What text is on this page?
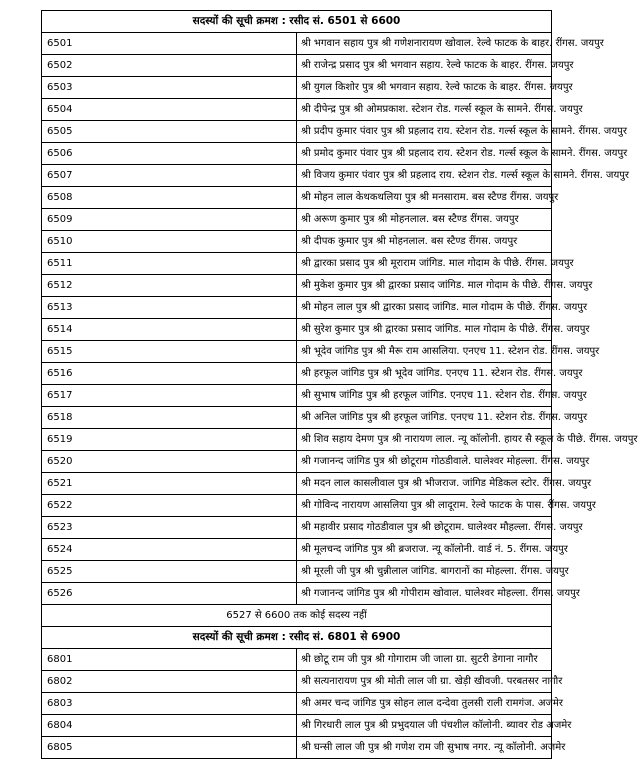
सदस्यों की सूची क्रमश : रसीद सं. 6501 से 6600	
6501	श्री भगवान सहाय पुत्र श्री गणेशनारायण खोवाल. रेल्वे फाटक के बाहर. रींगस. जयपुर
6502	श्री राजेन्द्र प्रसाद पुत्र श्री भगवान सहाय. रेल्वे फाटक के बाहर. रींगस. जयपुर
6503	श्री युगल किशोर पुत्र श्री भगवान सहाय. रेल्वे फाटक के बाहर. रींगस. जयपुर
6504	श्री दीपेन्द्र पुत्र श्री ओमप्रकाश. स्टेशन रोड. गर्ल्स स्कूल के सामने. रींगस. जयपुर
6505	श्री प्रदीप कुमार पंवार पुत्र श्री प्रहलाद राय. स्टेशन रोड. गर्ल्स स्कूल के सामने. रींगस. जयपुर
6506	श्री प्रमोद कुमार पंवार पुत्र श्री प्रहलाद राय. स्टेशन रोड. गर्ल्स स्कूल के सामने. रींगस. जयपुर
6507	श्री विजय कुमार पंवार पुत्र श्री प्रहलाद राय. स्टेशन रोड. गर्ल्स स्कूल के सामने. रींगस. जयपुर
6508	श्री मोहन लाल केथकथलिया पुत्र श्री मनसाराम. बस स्टैण्ड रींगस. जयपुर
6509	श्री अरूण कुमार पुत्र श्री मोहनलाल. बस स्टैण्ड रींगस. जयपुर
6510	श्री दीपक कुमार पुत्र श्री मोहनलाल. बस स्टैण्ड रींगस. जयपुर
6511	श्री द्वारका प्रसाद पुत्र श्री मूराराम जांगिड. माल गोदाम के पीछे. रींगस. जयपुर
6512	श्री मुकेश कुमार पुत्र श्री द्वारका प्रसाद जांगिड. माल गोदाम के पीछे. रींगस. जयपुर
6513	श्री मोहन लाल पुत्र श्री द्वारका प्रसाद जांगिड. माल गोदाम के पीछे. रींगस. जयपुर
6514	श्री सुरेश कुमार पुत्र श्री द्वारका प्रसाद जांगिड. माल गोदाम के पीछे. रींगस. जयपुर
6515	श्री भूदेव जांगिड पुत्र श्री मैरू राम आसलिया. एनएच 11. स्टेशन रोड. रींगस. जयपुर
6516	श्री हरफूल जांगिड पुत्र श्री भूदेव जांगिड. एनएच 11. स्टेशन रोड. रींगस. जयपुर
6517	श्री सुभाष जांगिड पुत्र श्री हरफूल जांगिड. एनएच 11. स्टेशन रोड. रींगस. जयपुर
6518	श्री अनिल जांगिड पुत्र श्री हरफूल जांगिड. एनएच 11. स्टेशन रोड. रींगस. जयपुर
6519	श्री शिव सहाय देमण पुत्र श्री नारायण लाल. न्यू कॉलोनी. हायर सै स्कूल के पीछे. रींगस. जयपुर
6520	श्री गजानन्द जांगिड पुत्र श्री छोटूराम गोठडीवाले. घालेश्वर मोहल्ला. रींगस. जयपुर
6521	श्री मदन लाल कासलीवाल पुत्र श्री भीजराज. जांगिड मेडिकल स्टोर. रींगस. जयपुर
6522	श्री गोविन्द नारायण आसलिया पुत्र श्री लादूराम. रेल्वे फाटक के पास. रींगस. जयपुर
6523	श्री महावीर प्रसाद गोठडीवाल पुत्र श्री छोटूराम. घालेश्वर मौहल्ला. रींगस. जयपुर
6524	श्री मूलचन्द जांगिड पुत्र श्री ब्रजराज. न्यू कॉलोनी. वार्ड नं. 5. रींगस. जयपुर
6525	श्री मूरली जी पुत्र श्री चुन्नीलाल जांगिड. बागरानों का मोहल्ला. रींगस. जयपुर
6526	श्री गजानन्द जांगिड पुत्र श्री गोपीराम खोवाल. घालेश्वर मोहल्ला. रींगस. जयपुर
6527 से 6600 तक कोई सदस्य नहीं	
सदस्यों की सूची क्रमश : रसीद सं. 6801 से 6900	
6801	श्री छोटू राम जी पुत्र श्री गोगाराम जी जाला ग्रा. सुटरी डेगाना नागौर
6802	श्री सत्यनारायण पुत्र श्री मोती लाल जी ग्रा. खेड़ी खीवजी. परबतसर नागौर
6803	श्री अमर चन्द जांगिड पुत्र सोहन लाल दन्देवा तुलसी राली रामगंज. अजमेर
6804	श्री गिरधारी लाल पुत्र श्री प्रभुदयाल जी पंचशील कॉलोनी. ब्यावर रोड अजमेर
6805	श्री घन्सी लाल जी पुत्र श्री गणेश राम जी सुभाष नगर. न्यू कॉलोनी. अजमेर
